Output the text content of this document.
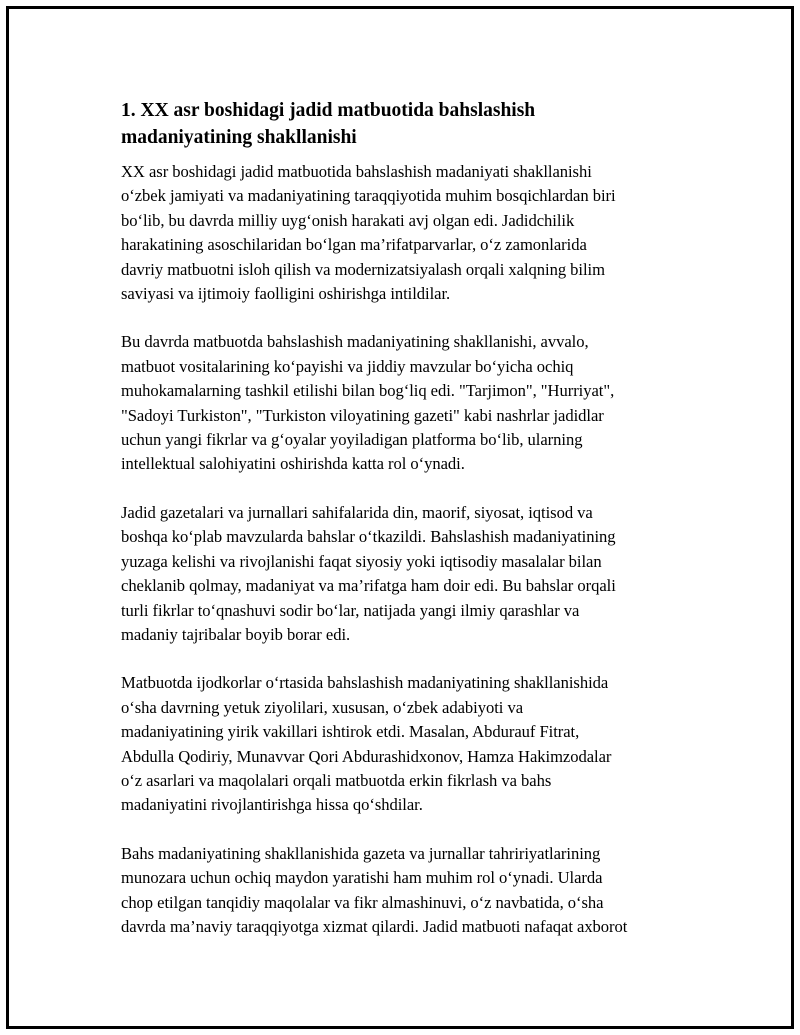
1. XX asr boshidagi jadid matbuotida bahslashish
madaniyatining shakllanishi

XX asr boshidagi jadid matbuotida bahslashish madaniyati shakllanishi
o‘zbek jamiyati va madaniyatining taraqqiyotida muhim bosqichlardan biri
bo‘lib, bu davrda milliy uyg‘onish harakati avj olgan edi. Jadidchilik
harakatining asoschilaridan bo‘lgan ma’rifatparvarlar, o‘z zamonlarida
davriy matbuotni isloh qilish va modernizatsiyalash orqali xalqning bilim
saviyasi va ijtimoiy faolligini oshirishga intildilar.

Bu davrda matbuotda bahslashish madaniyatining shakllanishi, avvalo,
matbuot vositalarining ko‘payishi va jiddiy mavzular bo‘yicha ochiq
muhokamalarning tashkil etilishi bilan bog‘liq edi. "Tarjimon", "Hurriyat",
"Sadoyi Turkiston", "Turkiston viloyatining gazeti" kabi nashrlar jadidlar
uchun yangi fikrlar va g‘oyalar yoyiladigan platforma bo‘lib, ularning
intellektual salohiyatini oshirishda katta rol o‘ynadi.

Jadid gazetalari va jurnallari sahifalarida din, maorif, siyosat, iqtisod va
boshqa ko‘plab mavzularda bahslar o‘tkazildi. Bahslashish madaniyatining
yuzaga kelishi va rivojlanishi faqat siyosiy yoki iqtisodiy masalalar bilan
cheklanib qolmay, madaniyat va ma’rifatga ham doir edi. Bu bahslar orqali
turli fikrlar to‘qnashuvi sodir bo‘lar, natijada yangi ilmiy qarashlar va
madaniy tajribalar boyib borar edi.

Matbuotda ijodkorlar o‘rtasida bahslashish madaniyatining shakllanishida
o‘sha davrning yetuk ziyolilari, xususan, o‘zbek adabiyoti va
madaniyatining yirik vakillari ishtirok etdi. Masalan, Abdurauf Fitrat,
Abdulla Qodiriy, Munavvar Qori Abdurashidxonov, Hamza Hakimzodalar
o‘z asarlari va maqolalari orqali matbuotda erkin fikrlash va bahs
madaniyatini rivojlantirishga hissa qo‘shdilar.

Bahs madaniyatining shakllanishida gazeta va jurnallar tahririyatlarining
munozara uchun ochiq maydon yaratishi ham muhim rol o‘ynadi. Ularda
chop etilgan tanqidiy maqolalar va fikr almashinuvi, o‘z navbatida, o‘sha
davrda ma’naviy taraqqiyotga xizmat qilardi. Jadid matbuoti nafaqat axborot
